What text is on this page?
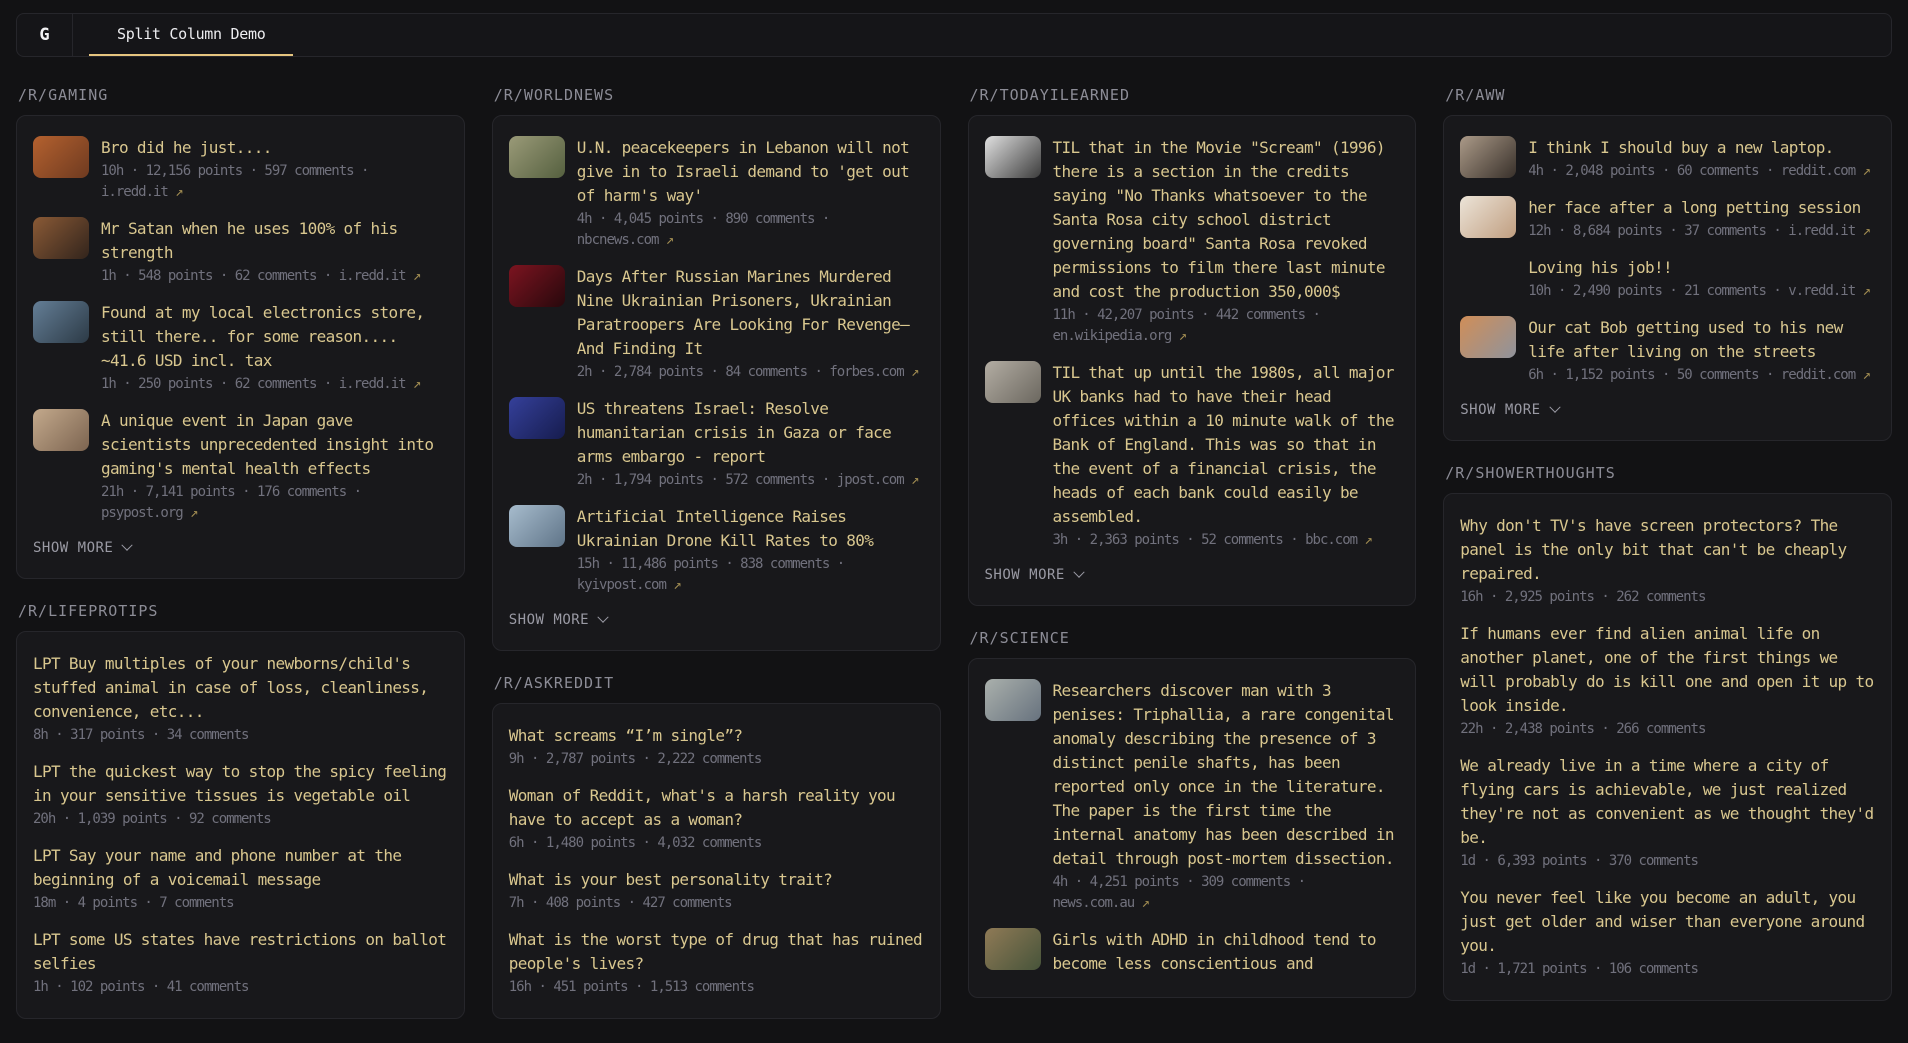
G	Split Column Demo
/R/GAMING
Bro did he just....
10h · 12,156 points · 597 comments · i.redd.it ↗
Mr Satan when he uses 100% of his strength
1h · 548 points · 62 comments · i.redd.it ↗
Found at my local electronics store, still there.. for some reason.... ~41.6 USD incl. tax
1h · 250 points · 62 comments · i.redd.it ↗
A unique event in Japan gave scientists unprecedented insight into gaming's mental health effects
21h · 7,141 points · 176 comments · psypost.org ↗
SHOW MORE
/R/LIFEPROTIPS
LPT Buy multiples of your newborns/child's stuffed animal in case of loss, cleanliness, convenience, etc...
8h · 317 points · 34 comments
LPT the quickest way to stop the spicy feeling in your sensitive tissues is vegetable oil
20h · 1,039 points · 92 comments
LPT Say your name and phone number at the beginning of a voicemail message
18m · 4 points · 7 comments
LPT some US states have restrictions on ballot selfies
1h · 102 points · 41 comments
/R/WORLDNEWS
U.N. peacekeepers in Lebanon will not give in to Israeli demand to 'get out of harm's way'
4h · 4,045 points · 890 comments · nbcnews.com ↗
Days After Russian Marines Murdered Nine Ukrainian Prisoners, Ukrainian Paratroopers Are Looking For Revenge— And Finding It
2h · 2,784 points · 84 comments · forbes.com ↗
US threatens Israel: Resolve humanitarian crisis in Gaza or face arms embargo - report
2h · 1,794 points · 572 comments · jpost.com ↗
Artificial Intelligence Raises Ukrainian Drone Kill Rates to 80%
15h · 11,486 points · 838 comments · kyivpost.com ↗
SHOW MORE
/R/ASKREDDIT
What screams “I’m single”?
9h · 2,787 points · 2,222 comments
Woman of Reddit, what's a harsh reality you have to accept as a woman?
6h · 1,480 points · 4,032 comments
What is your best personality trait?
7h · 408 points · 427 comments
What is the worst type of drug that has ruined people's lives?
16h · 451 points · 1,513 comments
/R/TODAYILEARNED
TIL that in the Movie "Scream" (1996) there is a section in the credits saying "No Thanks whatsoever to the Santa Rosa city school district governing board" Santa Rosa revoked permissions to film there last minute and cost the production 350,000$
11h · 42,207 points · 442 comments · en.wikipedia.org ↗
TIL that up until the 1980s, all major UK banks had to have their head offices within a 10 minute walk of the Bank of England. This was so that in the event of a financial crisis, the heads of each bank could easily be assembled.
3h · 2,363 points · 52 comments · bbc.com ↗
SHOW MORE
/R/SCIENCE
Researchers discover man with 3 penises: Triphallia, a rare congenital anomaly describing the presence of 3 distinct penile shafts, has been reported only once in the literature. The paper is the first time the internal anatomy has been described in detail through post-mortem dissection.
4h · 4,251 points · 309 comments · news.com.au ↗
Girls with ADHD in childhood tend to become less conscientious and
/R/AWW
I think I should buy a new laptop.
4h · 2,048 points · 60 comments · reddit.com ↗
her face after a long petting session
12h · 8,684 points · 37 comments · i.redd.it ↗
Loving his job!!
10h · 2,490 points · 21 comments · v.redd.it ↗
Our cat Bob getting used to his new life after living on the streets
6h · 1,152 points · 50 comments · reddit.com ↗
SHOW MORE
/R/SHOWERTHOUGHTS
Why don't TV's have screen protectors? The panel is the only bit that can't be cheaply repaired.
16h · 2,925 points · 262 comments
If humans ever find alien animal life on another planet, one of the first things we will probably do is kill one and open it up to look inside.
22h · 2,438 points · 266 comments
We already live in a time where a city of flying cars is achievable, we just realized they're not as convenient as we thought they'd be.
1d · 6,393 points · 370 comments
You never feel like you become an adult, you just get older and wiser than everyone around you.
1d · 1,721 points · 106 comments
